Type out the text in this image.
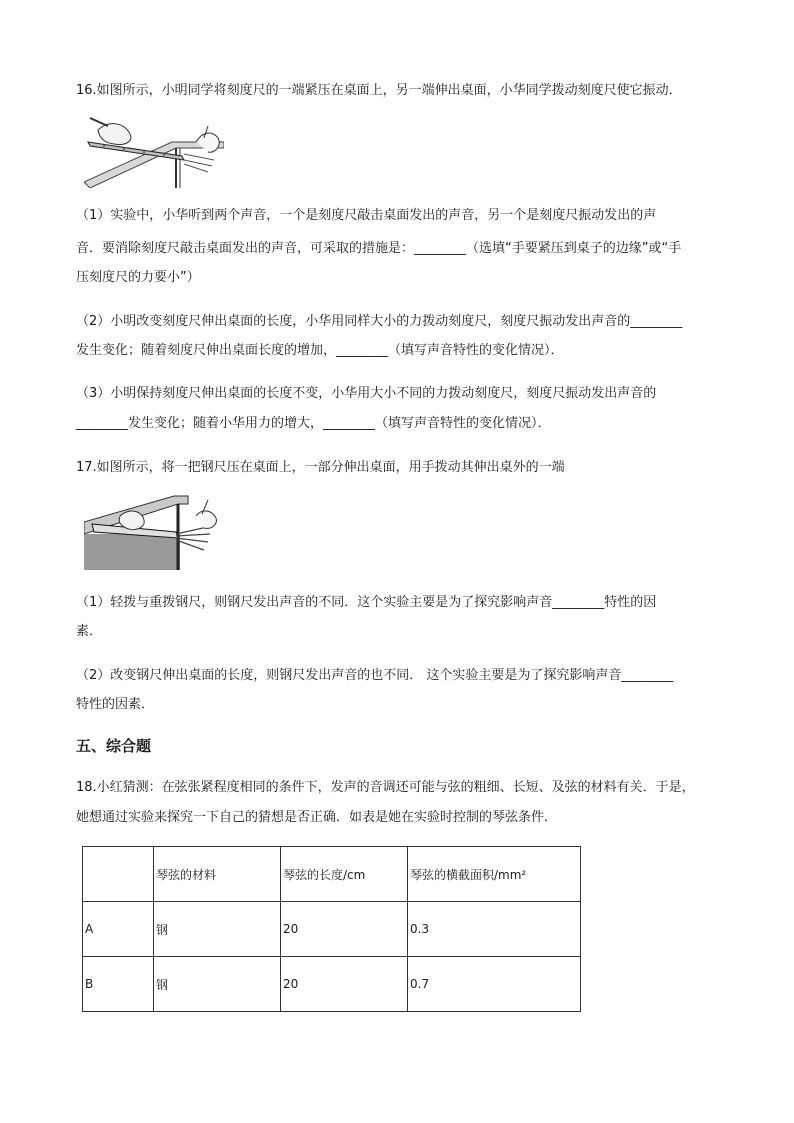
16.如图所示，小明同学将刻度尺的一端紧压在桌面上，另一端伸出桌面，小华同学拨动刻度尺使它振动．
（1）实验中，小华听到两个声音，一个是刻度尺敲击桌面发出的声音，另一个是刻度尺振动发出的声
音．要消除刻度尺敲击桌面发出的声音，可采取的措施是：________（选填“手要紧压到桌子的边缘”或“手
压刻度尺的力要小”）
（2）小明改变刻度尺伸出桌面的长度，小华用同样大小的力拨动刻度尺，刻度尺振动发出声音的________
发生变化；随着刻度尺伸出桌面长度的增加，________（填写声音特性的变化情况）．
（3）小明保持刻度尺伸出桌面的长度不变，小华用大小不同的力拨动刻度尺，刻度尺振动发出声音的
________发生变化；随着小华用力的增大，________（填写声音特性的变化情况）．
17.如图所示，将一把钢尺压在桌面上，一部分伸出桌面，用手拨动其伸出桌外的一端
（1）轻拨与重拨钢尺，则钢尺发出声音的不同．这个实验主要是为了探究影响声音________特性的因
素．
（2）改变钢尺伸出桌面的长度，则钢尺发出声音的也不同． 这个实验主要是为了探究影响声音________
特性的因素．
五、综合题
18.小红猜测：在弦张紧程度相同的条件下，发声的音调还可能与弦的粗细、长短、及弦的材料有关．于是，
她想通过实验来探究一下自己的猜想是否正确．如表是她在实验时控制的琴弦条件．
	琴弦的材料	琴弦的长度/cm	琴弦的横截面积/mm²
A	钢	20	0.3
B	钢	20	0.7
